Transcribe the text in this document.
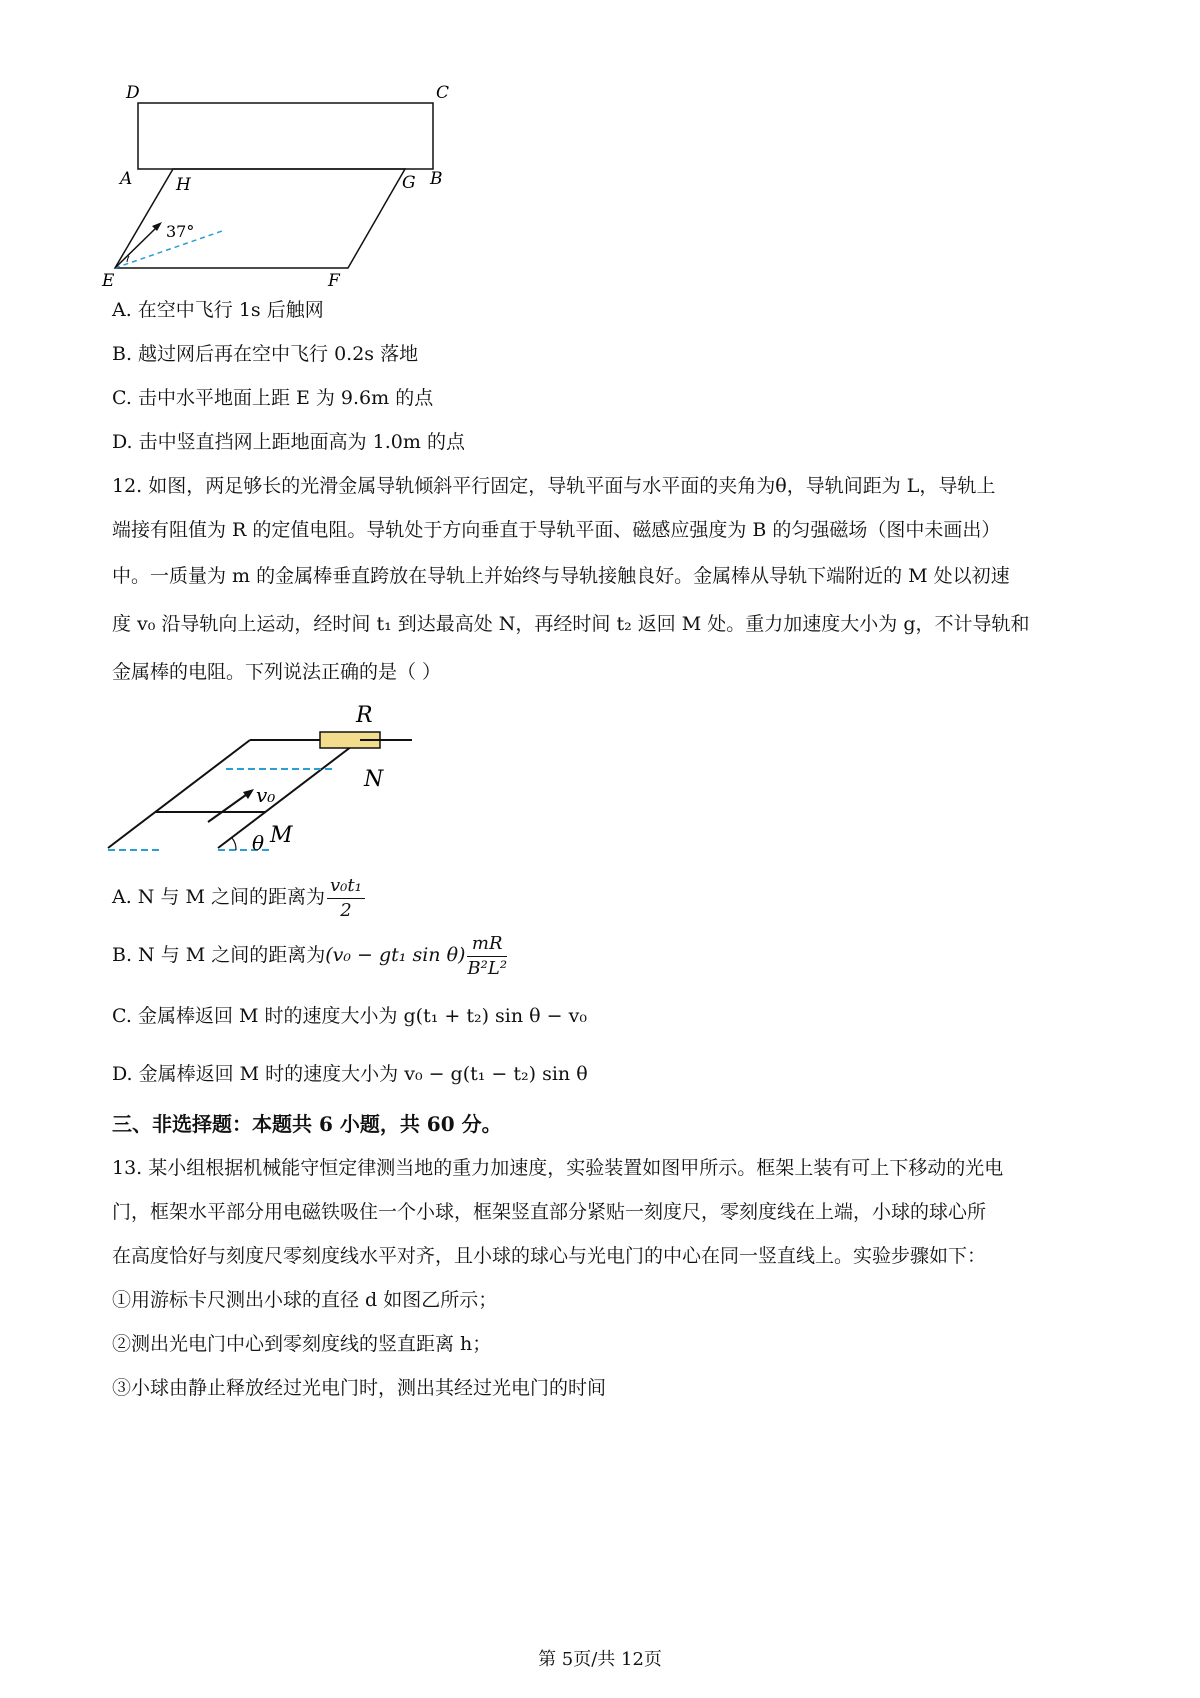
D	C
A	H	G B
E	F
37°
A. 在空中飞行 1s 后触网
B. 越过网后再在空中飞行 0.2s 落地
C. 击中水平地面上距 E 为 9.6m 的点
D. 击中竖直挡网上距地面高为 1.0m 的点
12. 如图，两足够长的光滑金属导轨倾斜平行固定，导轨平面与水平面的夹角为θ，导轨间距为 L，导轨上
端接有阻值为 R 的定值电阻。导轨处于方向垂直于导轨平面、磁感应强度为 B 的匀强磁场（图中未画出）
中。一质量为 m 的金属棒垂直跨放在导轨上并始终与导轨接触良好。金属棒从导轨下端附近的 M 处以初速
度 v₀ 沿导轨向上运动，经时间 t₁ 到达最高处 N，再经时间 t₂ 返回 M 处。重力加速度大小为 g，不计导轨和
金属棒的电阻。下列说法正确的是（ ）
R
N
v₀
θ M
A. N 与 M 之间的距离为 $\frac{\text{v₀t₁}}{2}$
B. N 与 M 之间的距离为(v₀ − gt₁ $\sin \theta) \frac{mR}{\text{B²L²}}$
C. 金属棒返回 M 时的速度大小为 g(t₁ + t₂) sin θ − v₀
D. 金属棒返回 M 时的速度大小为 v₀ − g(t₁ − t₂) sin θ
三、非选择题：本题共 6 小题，共 60 分。
13. 某小组根据机械能守恒定律测当地的重力加速度，实验装置如图甲所示。框架上装有可上下移动的光电
门，框架水平部分用电磁铁吸住一个小球，框架竖直部分紧贴一刻度尺，零刻度线在上端，小球的球心所
在高度恰好与刻度尺零刻度线水平对齐，且小球的球心与光电门的中心在同一竖直线上。实验步骤如下：
①用游标卡尺测出小球的直径 d 如图乙所示；
②测出光电门中心到零刻度线的竖直距离 h；
③小球由静止释放经过光电门时，测出其经过光电门的时间
第 5页/共 12页
